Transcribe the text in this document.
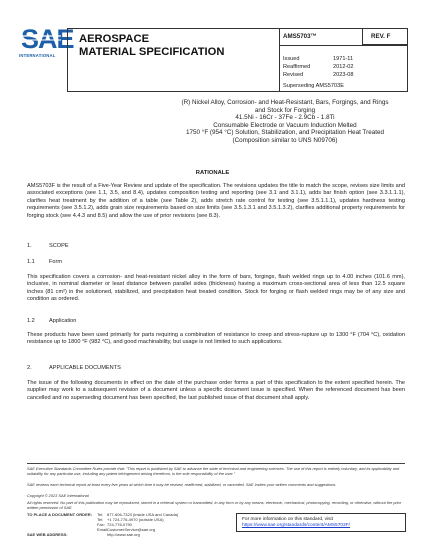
SAE
INTERNATIONAL
AEROSPACE
MATERIAL SPECIFICATION
AMS5703™	REV. F
Issued	1971-11
Reaffirmed	2012-02
Revised	2023-08
Superseding AMS5703E
(R) Nickel Alloy, Corrosion- and Heat-Resistant, Bars, Forgings, and Rings
and Stock for Forging
41.5Ni - 16Cr - 37Fe - 2.9Cb - 1.8Ti
Consumable Electrode or Vacuum Induction Melted
1750 °F (954 °C) Solution, Stabilization, and Precipitation Heat Treated
(Composition similar to UNS N09706)
RATIONALE
AMS5703F is the result of a Five-Year Review and update of the specification. The revisions updates the title to match the scope, revises size limits and associated exceptions (see 1.1, 3.5, and 8.4), updates composition testing and reporting (see 3.1 and 3.1.1), adds bar finish option (see 3.3.1.1.1), clarifies heat treatment by the addition of a table (see Table 2), adds stretch rate control for testing (see 3.5.1.1.1), updates hardness testing requirements (see 3.5.1.2), adds grain size requirements based on size limits (see 3.5.1.3.1 and 3.5.1.3.2), clarifies additional property requirements for forging stock (see 4.4.3 and 8.5) and allow the use of prior revisions (see 8.3).
1.	SCOPE
1.1	Form
This specification covers a corrosion- and heat-resistant nickel alloy in the form of bars, forgings, flash welded rings up to 4.00 inches (101.6 mm), inclusive, in nominal diameter or least distance between parallel sides (thickness) having a maximum cross-sectional area of less than 12.5 square inches (81 cm²) in the solutioned, stabilized, and precipitation heat treated condition. Stock for forging or flash welded rings may be of any size and condition as ordered.
1.2	Application
These products have been used primarily for parts requiring a combination of resistance to creep and stress-rupture up to 1300 °F (704 °C), oxidation resistance up to 1800 °F (982 °C), and good machinability, but usage is not limited to such applications.
2.	APPLICABLE DOCUMENTS
The issue of the following documents in effect on the date of the purchase order forms a part of this specification to the extent specified herein. The supplier may work to a subsequent revision of a document unless a specific document issue is specified. When the referenced document has been cancelled and no superseding document has been specified, the last published issue of that document shall apply.
SAE Executive Standards Committee Rules provide that: "This report is published by SAE to advance the state of technical and engineering sciences. The use of this report is entirely voluntary, and its applicability and suitability for any particular use, including any patent infringement arising therefrom, is the sole responsibility of the user."
SAE reviews each technical report at least every five years at which time it may be revised, reaffirmed, stabilized, or cancelled. SAE invites your written comments and suggestions.
Copyright © 2023 SAE International
All rights reserved. No part of this publication may be reproduced, stored in a retrieval system or transmitted, in any form or by any means, electronic, mechanical, photocopying, recording, or otherwise, without the prior written permission of SAE.
TO PLACE A DOCUMENT ORDER:	Tel: 877-606-7323 (inside USA and Canada)
Tel: +1 724-776-4970 (outside USA)
Fax: 724-776-0790
Email:
CustomerService@sae.org
SAE WEB ADDRESS:	http://www.sae.org
For more information on this standard, visit
https://www.sae.org/standards/content/AMS5703F/
